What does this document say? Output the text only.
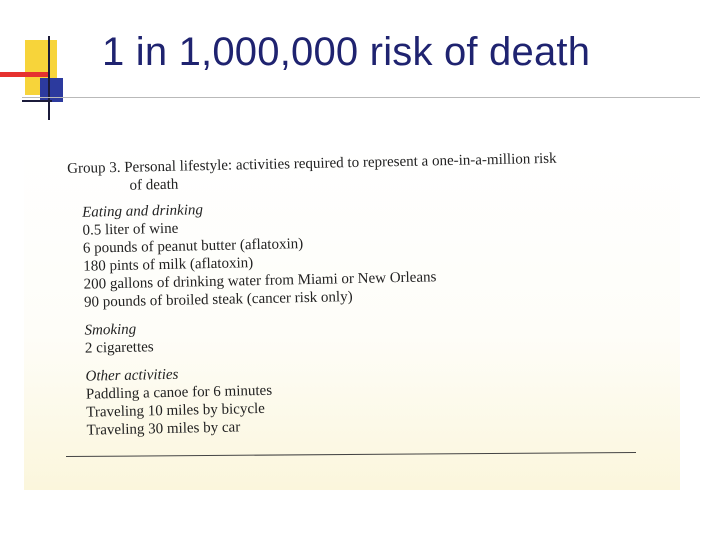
1 in 1,000,000 risk of death

Group 3. Personal lifestyle: activities required to represent a one-in-a-million risk

of death

Eating and drinking

0.5 liter of wine

6 pounds of peanut butter (aflatoxin)

180 pints of milk (aflatoxin)

200 gallons of drinking water from Miami or New Orleans

90 pounds of broiled steak (cancer risk only)

Smoking

2 cigarettes

Other activities

Paddling a canoe for 6 minutes

Traveling 10 miles by bicycle

Traveling 30 miles by car
